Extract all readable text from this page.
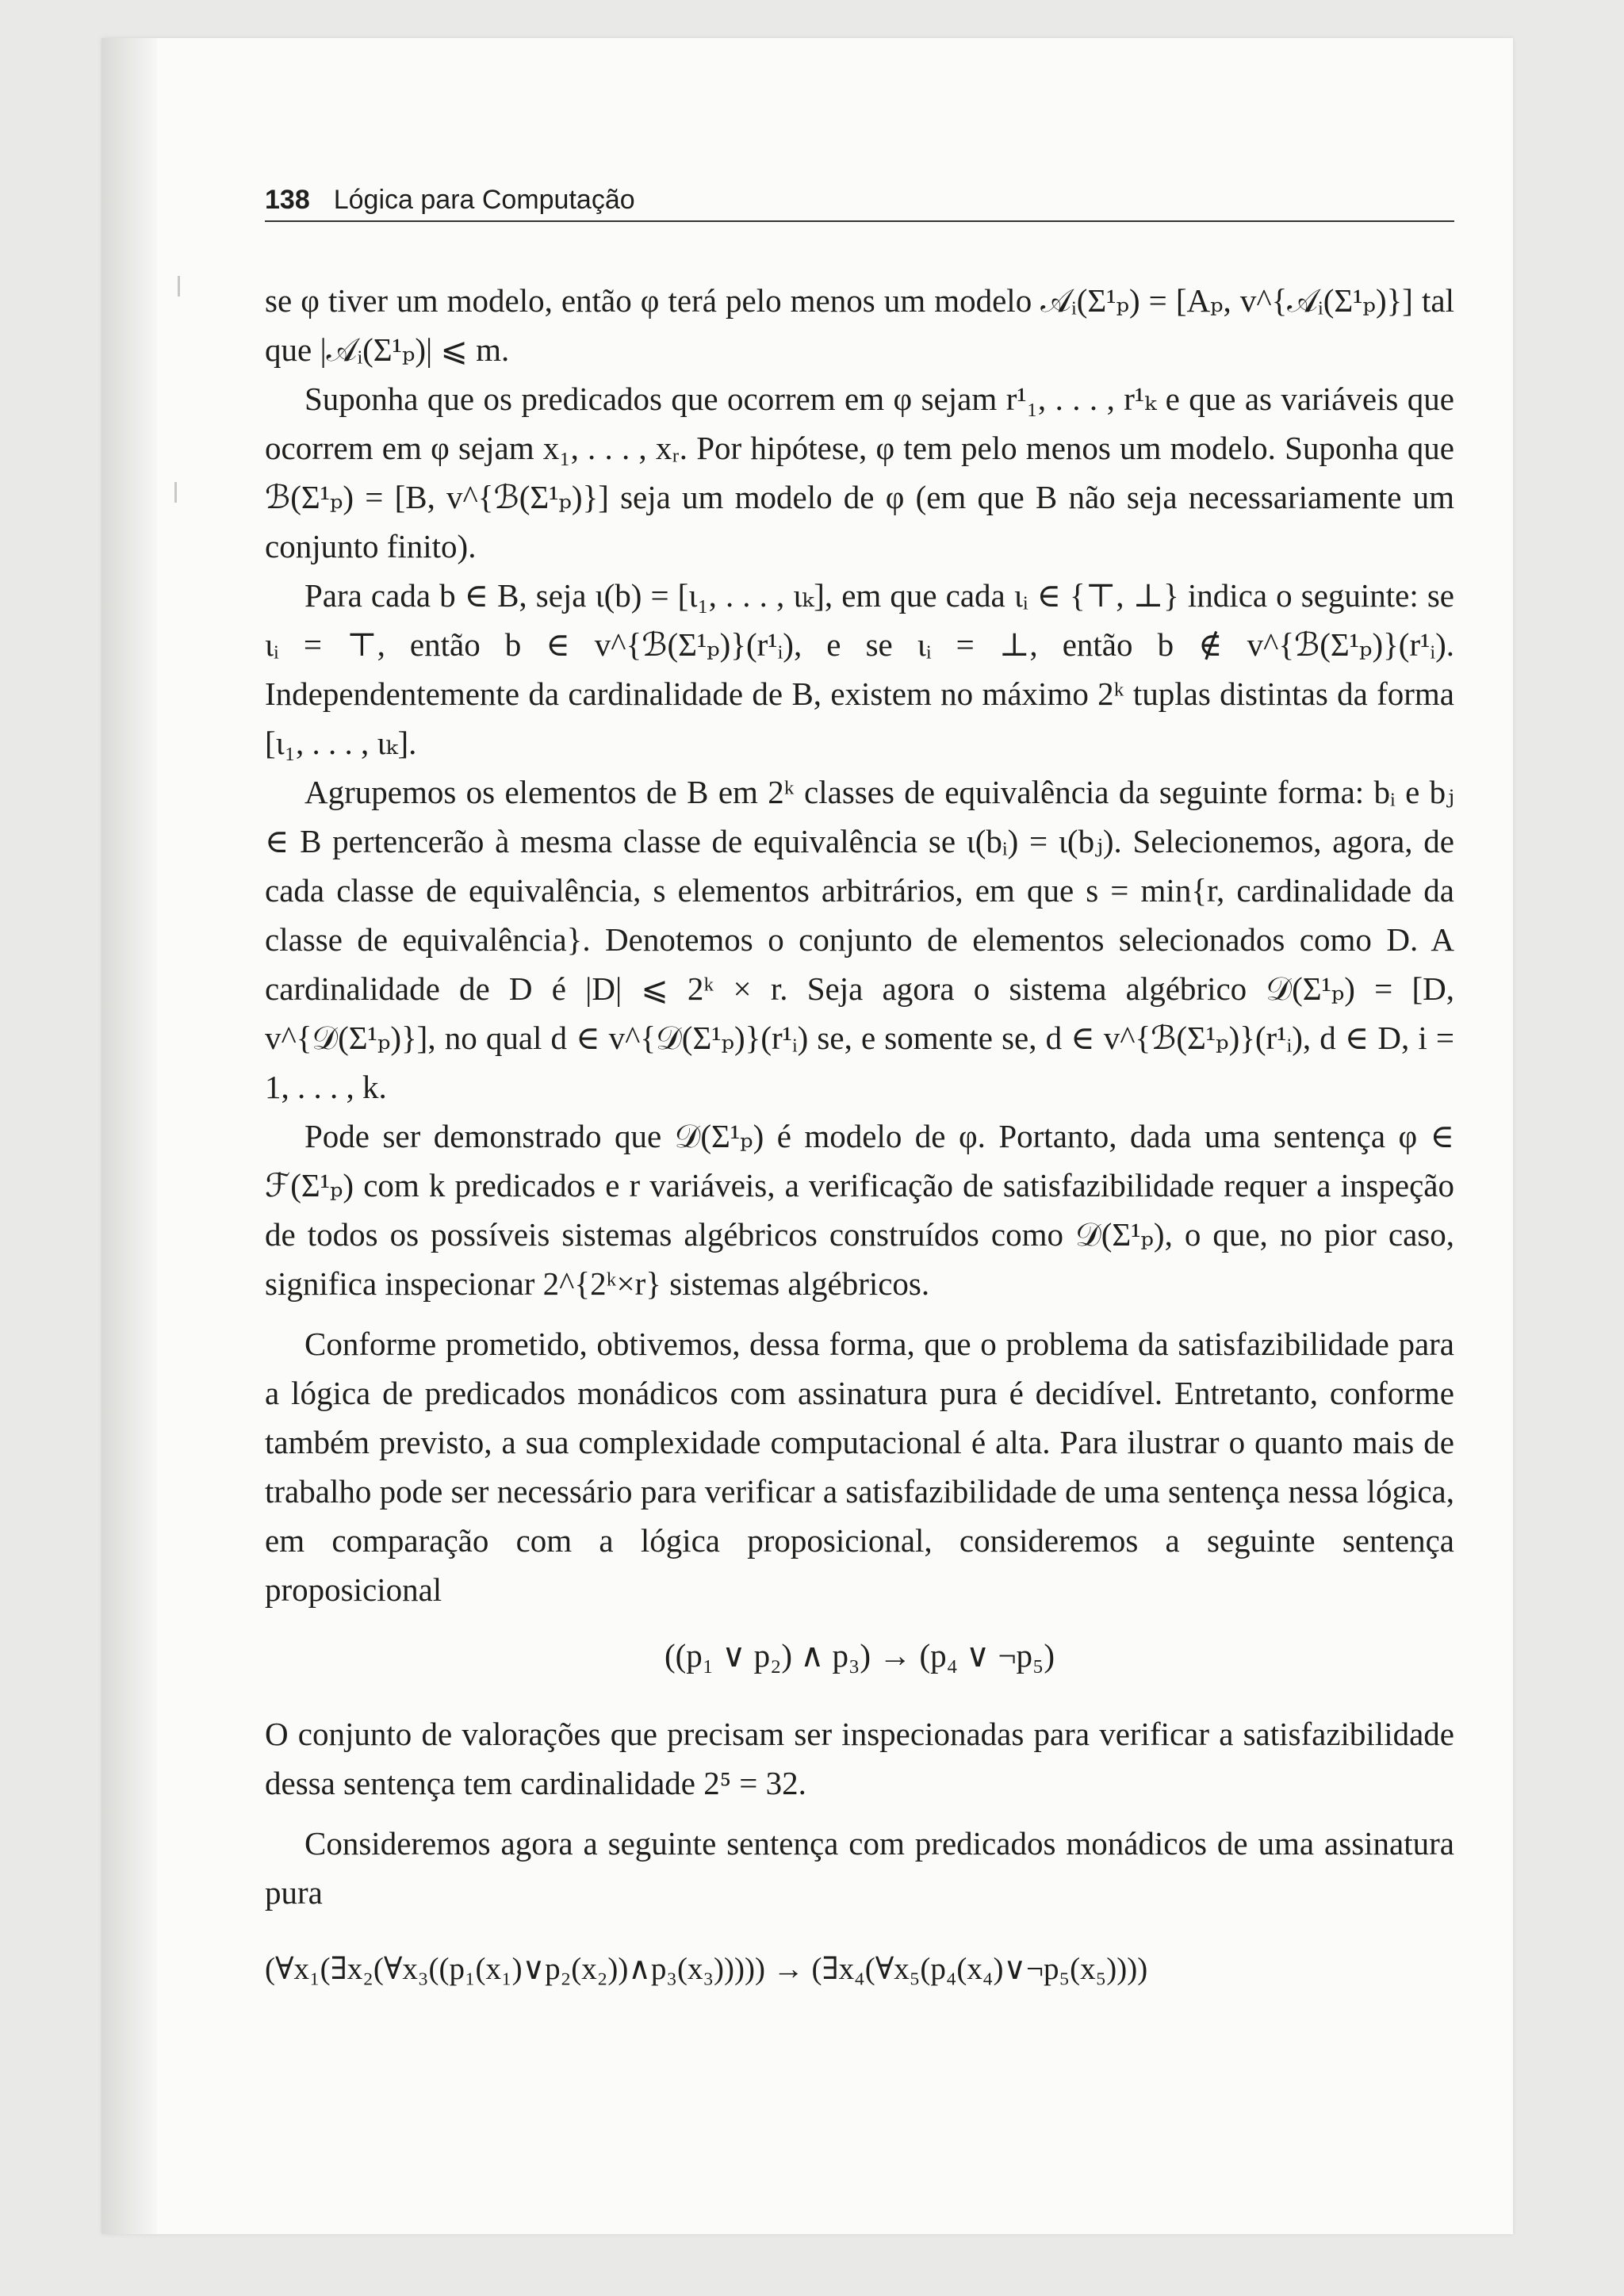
138 Lógica para Computação

se φ tiver um modelo, então φ terá pelo menos um modelo 𝒜ᵢ(Σ¹ₚ) = [Aₚ, v^{𝒜ᵢ(Σ¹ₚ)}] tal que |𝒜ᵢ(Σ¹ₚ)| ⩽ m.

Suponha que os predicados que ocorrem em φ sejam r¹₁, . . . , r¹ₖ e que as variáveis que ocorrem em φ sejam x₁, . . . , xᵣ. Por hipótese, φ tem pelo menos um modelo. Suponha que ℬ(Σ¹ₚ) = [B, v^{ℬ(Σ¹ₚ)}] seja um modelo de φ (em que B não seja necessariamente um conjunto finito).

Para cada b ∈ B, seja ι(b) = [ι₁, . . . , ιₖ], em que cada ιᵢ ∈ {⊤, ⊥} indica o seguinte: se ιᵢ = ⊤, então b ∈ v^{ℬ(Σ¹ₚ)}(r¹ᵢ), e se ιᵢ = ⊥, então b ∉ v^{ℬ(Σ¹ₚ)}(r¹ᵢ). Independentemente da cardinalidade de B, existem no máximo 2ᵏ tuplas distintas da forma [ι₁, . . . , ιₖ].

Agrupemos os elementos de B em 2ᵏ classes de equivalência da seguinte forma: bᵢ e bⱼ ∈ B pertencerão à mesma classe de equivalência se ι(bᵢ) = ι(bⱼ). Selecionemos, agora, de cada classe de equivalência, s elementos arbitrários, em que s = min{r, cardinalidade da classe de equivalência}. Denotemos o conjunto de elementos selecionados como D. A cardinalidade de D é |D| ⩽ 2ᵏ × r. Seja agora o sistema algébrico 𝒟(Σ¹ₚ) = [D, v^{𝒟(Σ¹ₚ)}], no qual d ∈ v^{𝒟(Σ¹ₚ)}(r¹ᵢ) se, e somente se, d ∈ v^{ℬ(Σ¹ₚ)}(r¹ᵢ), d ∈ D, i = 1, . . . , k.

Pode ser demonstrado que 𝒟(Σ¹ₚ) é modelo de φ. Portanto, dada uma sentença φ ∈ ℱ(Σ¹ₚ) com k predicados e r variáveis, a verificação de satisfazibilidade requer a inspeção de todos os possíveis sistemas algébricos construídos como 𝒟(Σ¹ₚ), o que, no pior caso, significa inspecionar 2^{2ᵏ×r} sistemas algébricos.

Conforme prometido, obtivemos, dessa forma, que o problema da satisfazibilidade para a lógica de predicados monádicos com assinatura pura é decidível. Entretanto, conforme também previsto, a sua complexidade computacional é alta. Para ilustrar o quanto mais de trabalho pode ser necessário para verificar a satisfazibilidade de uma sentença nessa lógica, em comparação com a lógica proposicional, consideremos a seguinte sentença proposicional

((p₁ ∨ p₂) ∧ p₃) → (p₄ ∨ ¬p₅)

O conjunto de valorações que precisam ser inspecionadas para verificar a satisfazibilidade dessa sentença tem cardinalidade 2⁵ = 32.

Consideremos agora a seguinte sentença com predicados monádicos de uma assinatura pura

(∀x₁(∃x₂(∀x₃((p₁(x₁)∨p₂(x₂))∧p₃(x₃))))) → (∃x₄(∀x₅(p₄(x₄)∨¬p₅(x₅))))
